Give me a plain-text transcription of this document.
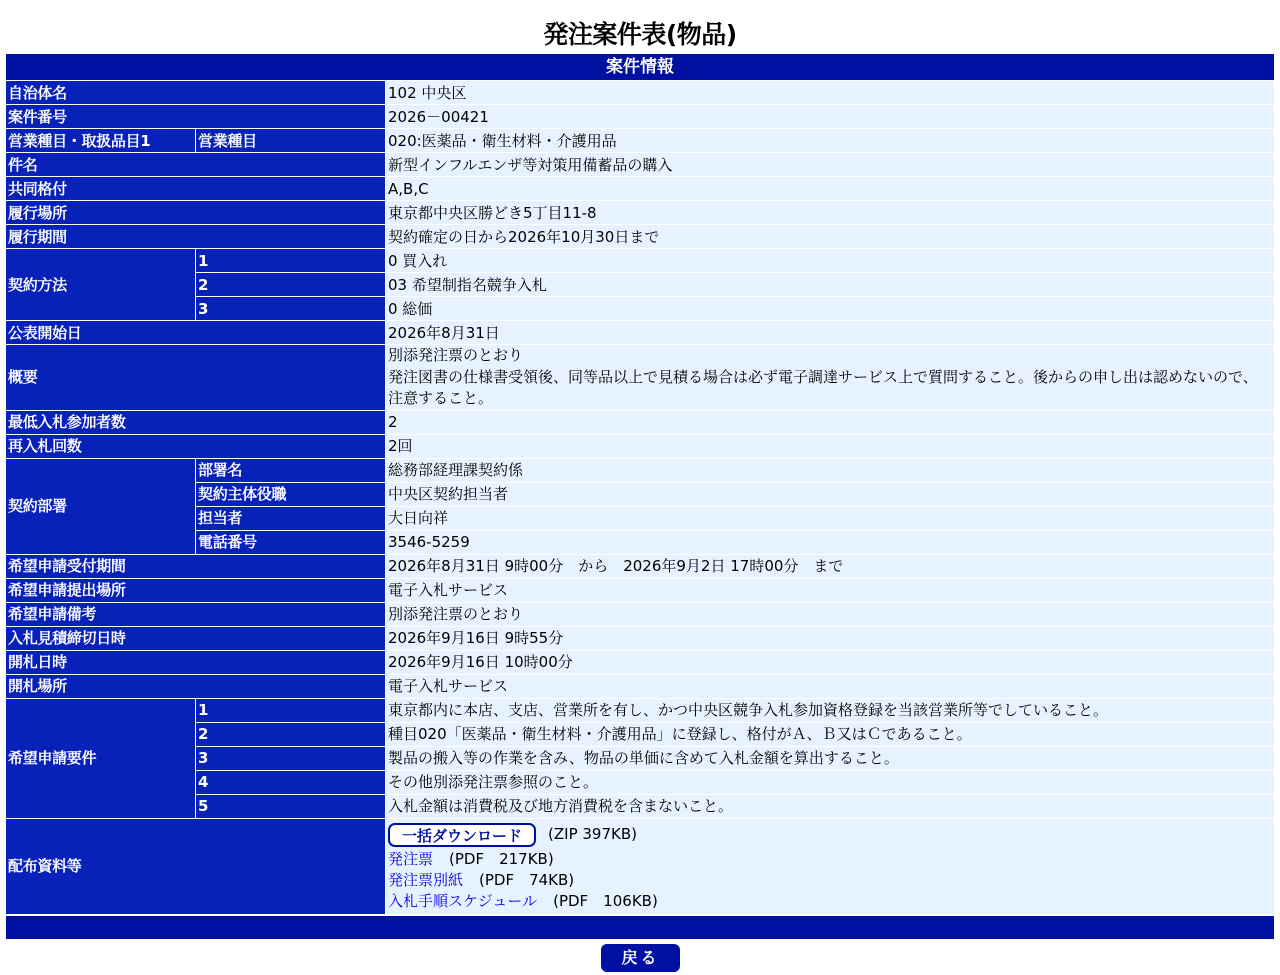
発注案件表(物品)
案件情報		
自治体名		102 中央区
案件番号		2026－00421
営業種目・取扱品目1	営業種目	020:医薬品・衛生材料・介護用品
件名		新型インフルエンザ等対策用備蓄品の購入
共同格付		A,B,C
履行場所		東京都中央区勝どき5丁目11-8
履行期間		契約確定の日から2026年10月30日まで
契約方法	1	0 買入れ
	2	03 希望制指名競争入札
	3	0 総価
公表開始日		2026年8月31日
概要		別添発注票のとおり
発注図書の仕様書受領後、同等品以上で見積る場合は必ず電子調達サービス上で質問すること。後からの申し出は認めないので、注意すること。

最低入札参加者数		2
再入札回数		2回
契約部署	部署名	総務部経理課契約係
	契約主体役職	中央区契約担当者
	担当者	大日向祥
	電話番号	3546-5259
希望申請受付期間		2026年8月31日 9時00分　から　2026年9月2日 17時00分　まで
希望申請提出場所		電子入札サービス
希望申請備考		別添発注票のとおり
入札見積締切日時		2026年9月16日 9時55分
開札日時		2026年9月16日 10時00分
開札場所		電子入札サービス
希望申請要件	1	東京都内に本店、支店、営業所を有し、かつ中央区競争入札参加資格登録を当該営業所等でしていること。
	2	種目020「医薬品・衛生材料・介護用品」に登録し、格付がＡ、Ｂ又はＣであること。
	3	製品の搬入等の作業を含み、物品の単価に含めて入札金額を算出すること。
	4	その他別添発注票参照のこと。
	5	入札金額は消費税及び地方消費税を含まないこと。
配布資料等		一括ダウンロード (ZIP 397KB)
発注票 (PDF　217KB)
発注票別紙 (PDF　74KB)
入札手順スケジュール (PDF　106KB)

戻る
